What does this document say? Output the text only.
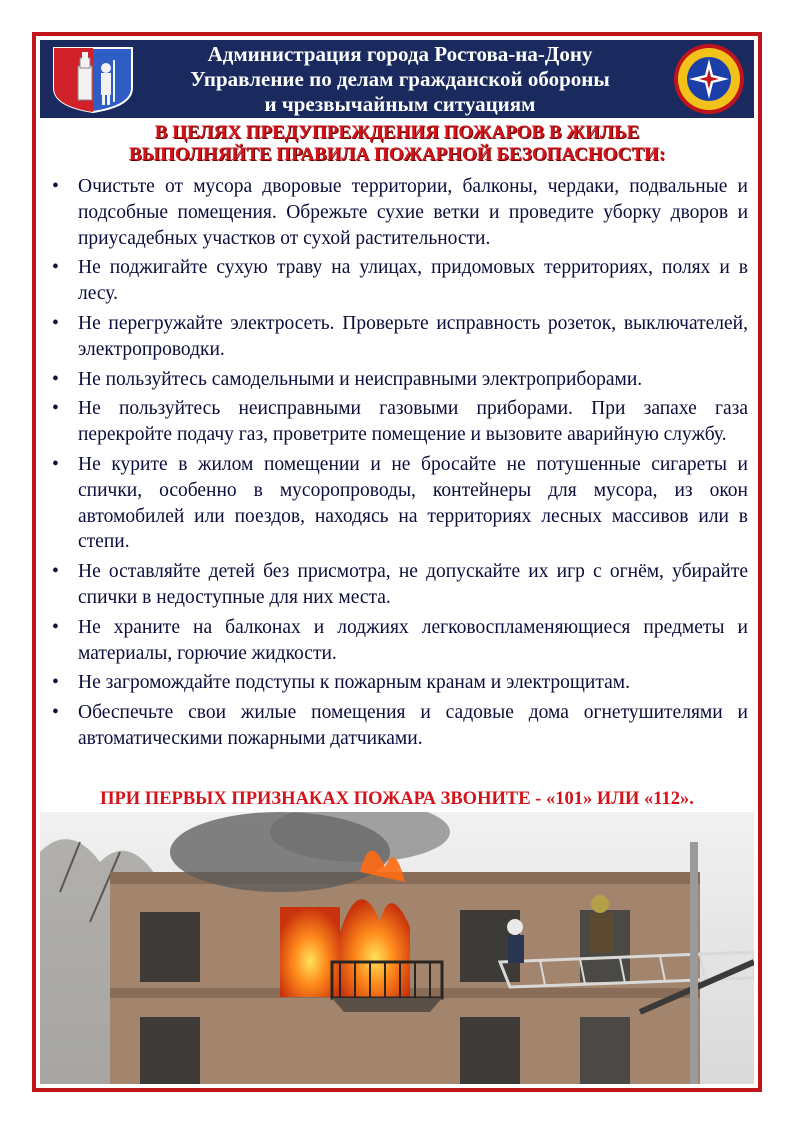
Администрация города Ростова-на-Дону
Управление по делам гражданской обороны
и чрезвычайным ситуациям
В ЦЕЛЯХ ПРЕДУПРЕЖДЕНИЯ ПОЖАРОВ В ЖИЛЬЕ
ВЫПОЛНЯЙТЕ ПРАВИЛА ПОЖАРНОЙ БЕЗОПАСНОСТИ:
• Очистьте от мусора дворовые территории, балконы, чердаки, подвальные и подсобные помещения. Обрежьте сухие ветки и проведите уборку дворов и приусадебных участков от сухой растительности.
• Не поджигайте сухую траву на улицах, придомовых территориях, полях и в лесу.
• Не перегружайте электросеть. Проверьте исправность розеток, выключателей, электропроводки.
• Не пользуйтесь самодельными и неисправными электроприборами.
• Не пользуйтесь неисправными газовыми приборами. При запахе газа перекройте подачу газ, проветрите помещение и вызовите аварийную службу.
• Не курите в жилом помещении и не бросайте не потушенные сигареты и спички, особенно в мусоропроводы, контейнеры для мусора, из окон автомобилей или поездов, находясь на территориях лесных массивов или в степи.
• Не оставляйте детей без присмотра, не допускайте их игр с огнём, убирайте спички в недоступные для них места.
• Не храните на балконах и лоджиях легковоспламеняющиеся предметы и материалы, горючие жидкости.
• Не загромождайте подступы к пожарным кранам и электрощитам.
• Обеспечьте свои жилые помещения и садовые дома огнетушителями и автоматическими пожарными датчиками.
ПРИ ПЕРВЫХ ПРИЗНАКАХ ПОЖАРА ЗВОНИТЕ - «101» ИЛИ «112».
